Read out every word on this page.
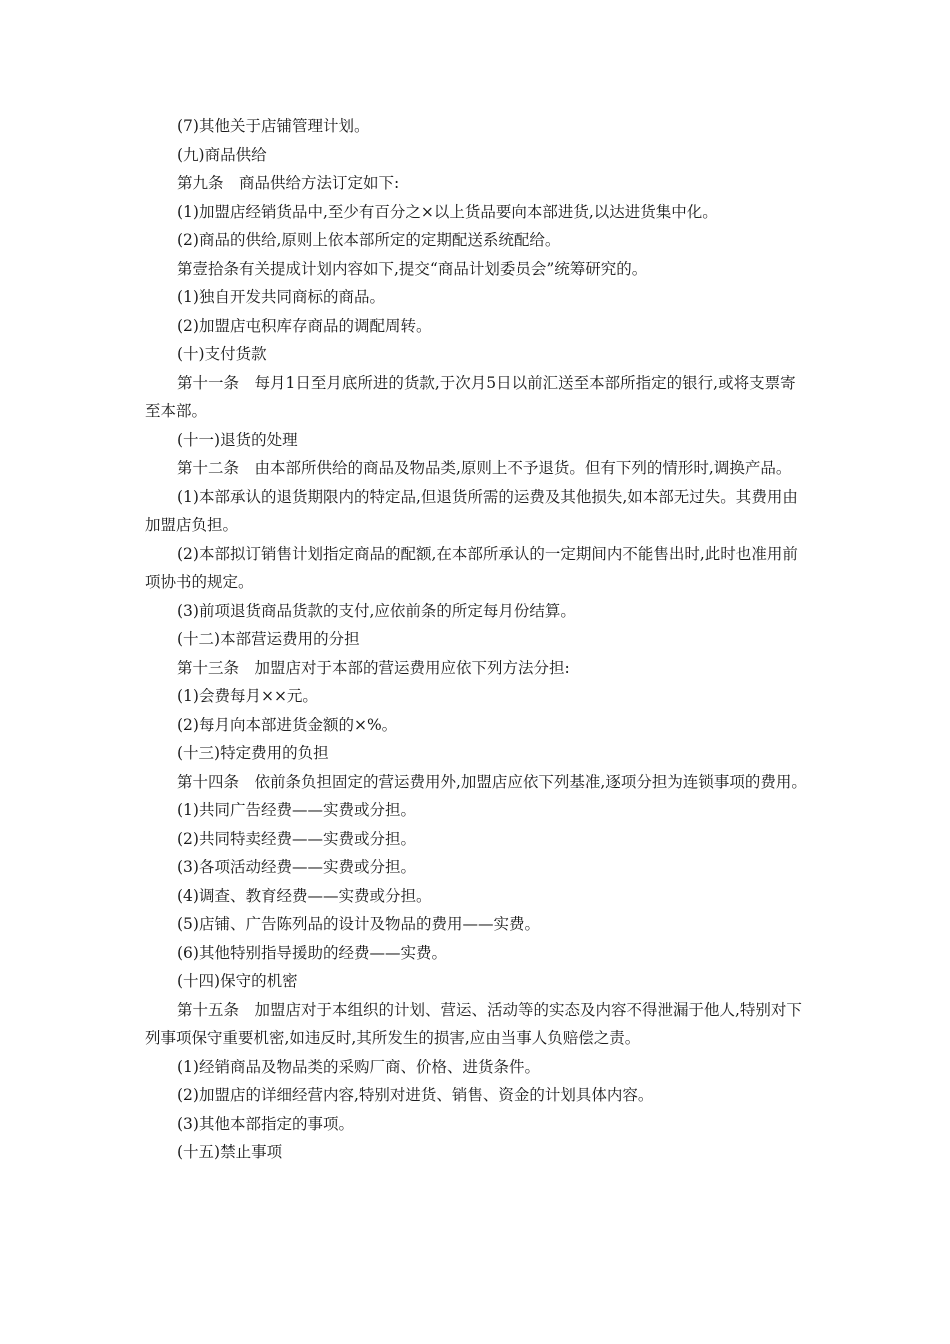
(7)其他关于店铺管理计划。

(九)商品供给

第九条　商品供给方法订定如下:

(1)加盟店经销货品中,至少有百分之×以上货品要向本部进货,以达进货集中化。

(2)商品的供给,原则上依本部所定的定期配送系统配给。

第壹拾条有关提成计划内容如下,提交“商品计划委员会”统筹研究的。

(1)独自开发共同商标的商品。

(2)加盟店屯积库存商品的调配周转。

(十)支付货款

第十一条　每月1日至月底所进的货款,于次月5日以前汇送至本部所指定的银行,或将支票寄至本部。

(十一)退货的处理

第十二条　由本部所供给的商品及物品类,原则上不予退货。但有下列的情形时,调换产品。

(1)本部承认的退货期限内的特定品,但退货所需的运费及其他损失,如本部无过失。其费用由加盟店负担。

(2)本部拟订销售计划指定商品的配额,在本部所承认的一定期间内不能售出时,此时也准用前项协书的规定。

(3)前项退货商品货款的支付,应依前条的所定每月份结算。

(十二)本部营运费用的分担

第十三条　加盟店对于本部的营运费用应依下列方法分担:

(1)会费每月××元。

(2)每月向本部进货金额的×%。

(十三)特定费用的负担

第十四条　依前条负担固定的营运费用外,加盟店应依下列基准,逐项分担为连锁事项的费用。

(1)共同广告经费——实费或分担。

(2)共同特卖经费——实费或分担。

(3)各项活动经费——实费或分担。

(4)调查、教育经费——实费或分担。

(5)店铺、广告陈列品的设计及物品的费用——实费。

(6)其他特别指导援助的经费——实费。

(十四)保守的机密

第十五条　加盟店对于本组织的计划、营运、活动等的实态及内容不得泄漏于他人,特别对下列事项保守重要机密,如违反时,其所发生的损害,应由当事人负赔偿之责。

(1)经销商品及物品类的采购厂商、价格、进货条件。

(2)加盟店的详细经营内容,特别对进货、销售、资金的计划具体内容。

(3)其他本部指定的事项。

(十五)禁止事项
